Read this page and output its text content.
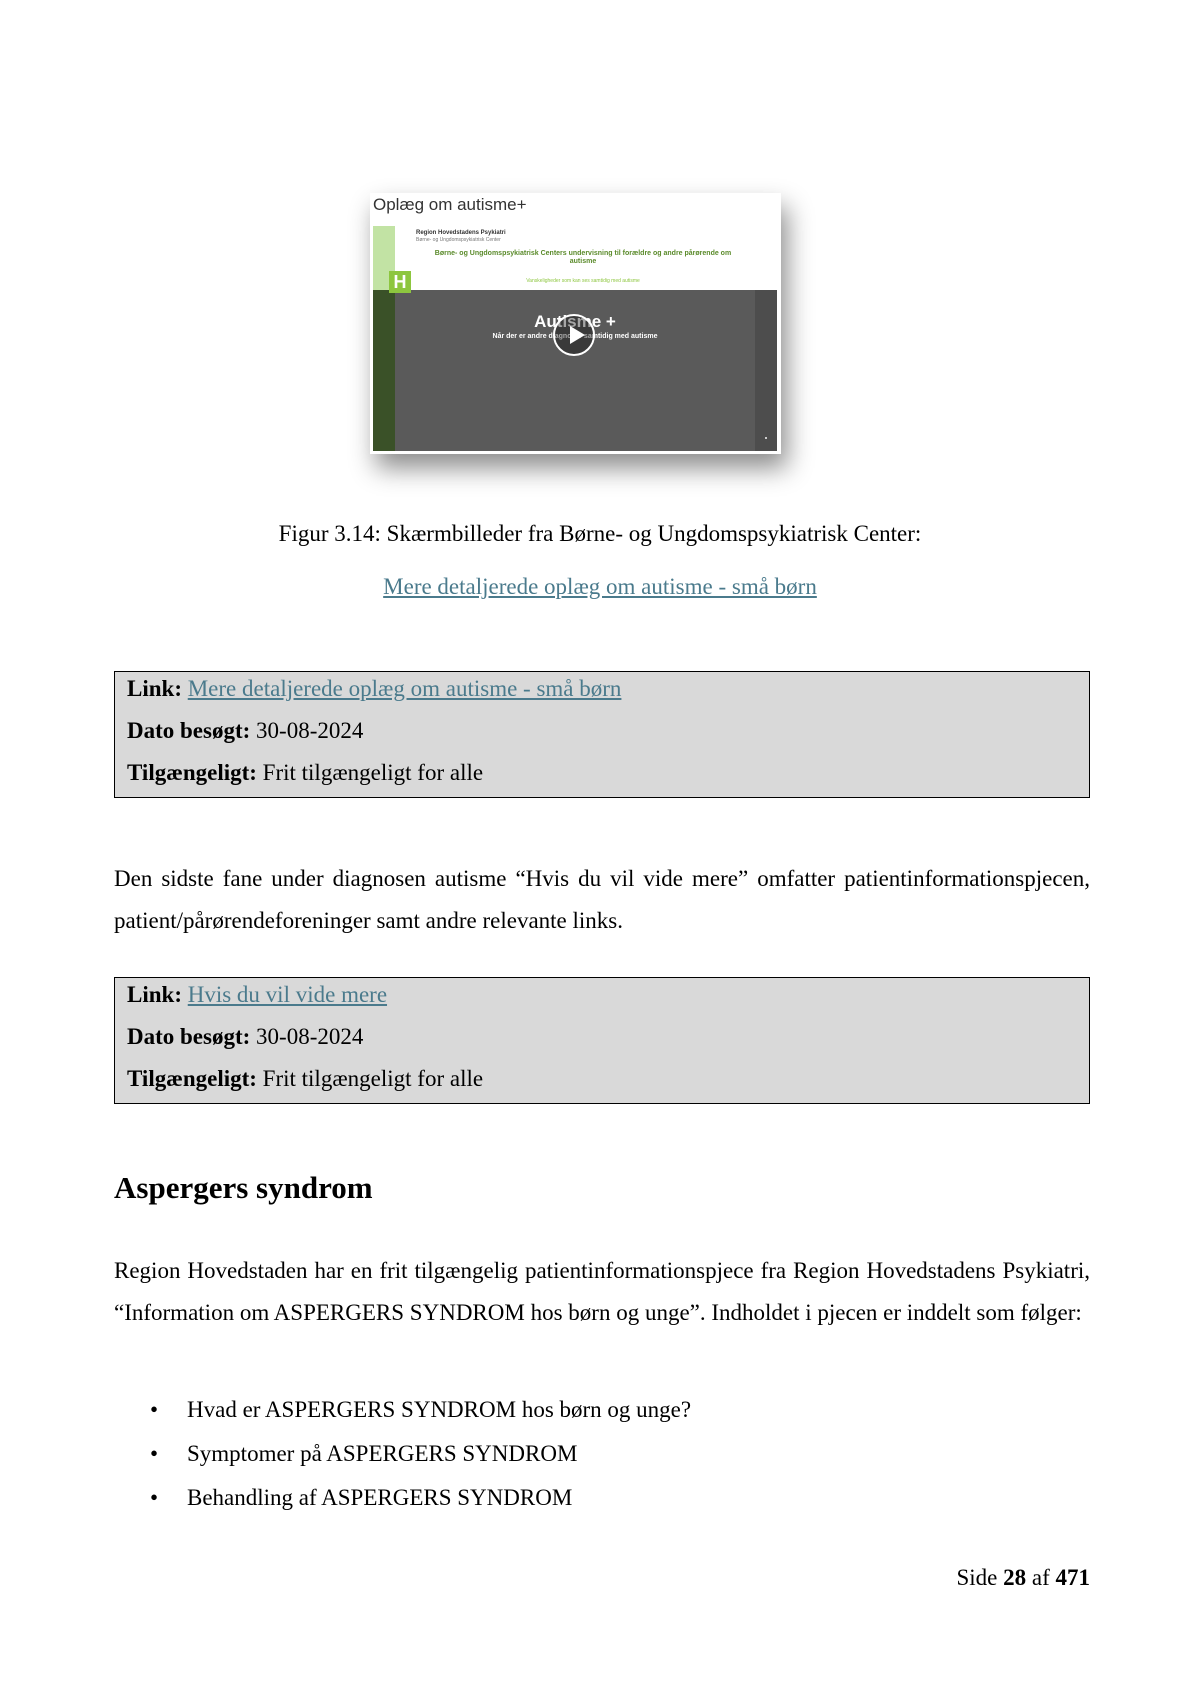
Oplæg om autisme+
Region Hovedstadens Psykiatri
Børne- og Ungdomspsykiatrisk Center
Børne- og Ungdomspsykiatrisk Centers undervisning til forældre og andre pårørende om autisme
Vanskeligheder som kan ses samtidig med autisme
Autisme +
Når der er andre diagnoser samtidig med autisme
H
Figur 3.14: Skærmbilleder fra Børne- og Ungdomspsykiatrisk Center:
Mere detaljerede oplæg om autisme - små børn
Link: Mere detaljerede oplæg om autisme - små børn
Dato besøgt: 30-08-2024
Tilgængeligt: Frit tilgængeligt for alle
Den sidste fane under diagnosen autisme “Hvis du vil vide mere” omfatter patientinformationspjecen, patient/pårørendeforeninger samt andre relevante links.
Link: Hvis du vil vide mere
Dato besøgt: 30-08-2024
Tilgængeligt: Frit tilgængeligt for alle
Aspergers syndrom
Region Hovedstaden har en frit tilgængelig patientinformationspjece fra Region Hovedstadens Psykiatri, “Information om ASPERGERS SYNDROM hos børn og unge”. Indholdet i pjecen er inddelt som følger:
• Hvad er ASPERGERS SYNDROM hos børn og unge?
• Symptomer på ASPERGERS SYNDROM
• Behandling af ASPERGERS SYNDROM
Side 28 af 471
